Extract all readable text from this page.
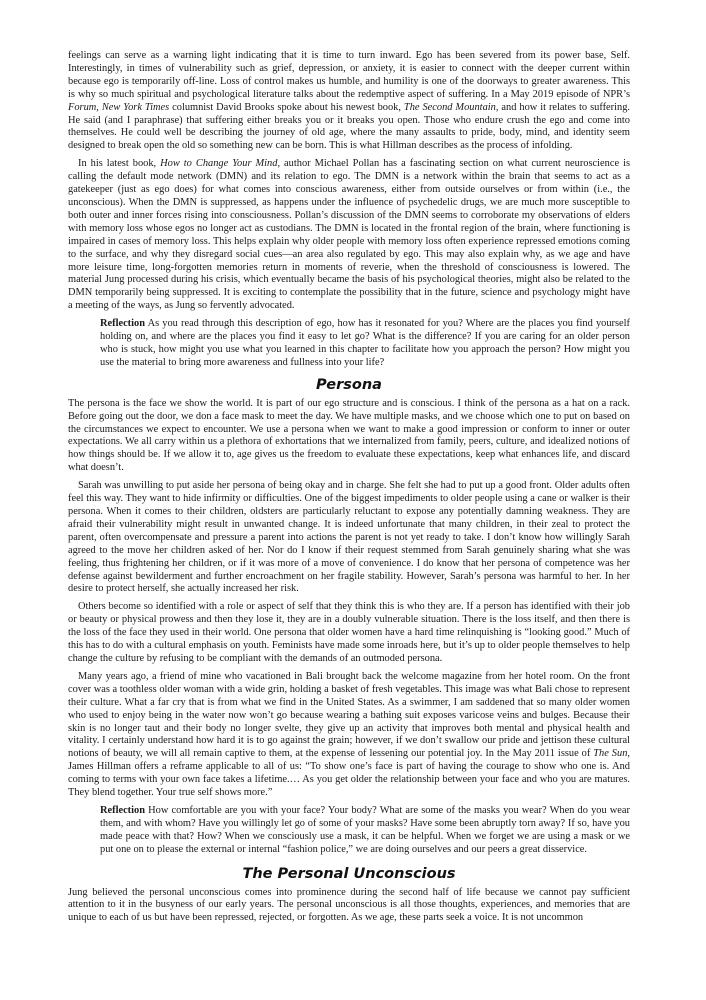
feelings can serve as a warning light indicating that it is time to turn inward. Ego has been severed from its power base, Self. Interestingly, in times of vulnerability such as grief, depression, or anxiety, it is easier to connect with the deeper current within because ego is temporarily off-line. Loss of control makes us humble, and humility is one of the doorways to greater awareness. This is why so much spiritual and psychological literature talks about the redemptive aspect of suffering. In a May 2019 episode of NPR’s Forum, New York Times columnist David Brooks spoke about his newest book, The Second Mountain, and how it relates to suffering. He said (and I paraphrase) that suffering either breaks you or it breaks you open. Those who endure crush the ego and come into themselves. He could well be describing the journey of old age, where the many assaults to pride, body, mind, and identity seem designed to break open the old so something new can be born. This is what Hillman describes as the process of infolding.

In his latest book, How to Change Your Mind, author Michael Pollan has a fascinating section on what current neuroscience is calling the default mode network (DMN) and its relation to ego. The DMN is a network within the brain that seems to act as a gatekeeper (just as ego does) for what comes into conscious awareness, either from outside ourselves or from within (i.e., the unconscious). When the DMN is suppressed, as happens under the influence of psychedelic drugs, we are much more susceptible to both outer and inner forces rising into consciousness. Pollan’s discussion of the DMN seems to corroborate my observations of elders with memory loss whose egos no longer act as custodians. The DMN is located in the frontal region of the brain, where functioning is impaired in cases of memory loss. This helps explain why older people with memory loss often experience repressed emotions coming to the surface, and why they disregard social cues—an area also regulated by ego. This may also explain why, as we age and have more leisure time, long-forgotten memories return in moments of reverie, when the threshold of consciousness is lowered. The material Jung processed during his crisis, which eventually became the basis of his psychological theories, might also be related to the DMN temporarily being suppressed. It is exciting to contemplate the possibility that in the future, science and psychology might have a meeting of the ways, as Jung so fervently advocated.

Reflection As you read through this description of ego, how has it resonated for you? Where are the places you find yourself holding on, and where are the places you find it easy to let go? What is the difference? If you are caring for an older person who is stuck, how might you use what you learned in this chapter to facilitate how you approach the person? How might you use the material to bring more awareness and fullness into your life?

Persona

The persona is the face we show the world. It is part of our ego structure and is conscious. I think of the persona as a hat on a rack. Before going out the door, we don a face mask to meet the day. We have multiple masks, and we choose which one to put on based on the circumstances we expect to encounter. We use a persona when we want to make a good impression or conform to inner or outer expectations. We all carry within us a plethora of exhortations that we internalized from family, peers, culture, and idealized notions of how things should be. If we allow it to, age gives us the freedom to evaluate these expectations, keep what enhances life, and discard what doesn’t.

Sarah was unwilling to put aside her persona of being okay and in charge. She felt she had to put up a good front. Older adults often feel this way. They want to hide infirmity or difficulties. One of the biggest impediments to older people using a cane or walker is their persona. When it comes to their children, oldsters are particularly reluctant to expose any potentially damning weakness. They are afraid their vulnerability might result in unwanted change. It is indeed unfortunate that many children, in their zeal to protect the parent, often overcompensate and pressure a parent into actions the parent is not yet ready to take. I don’t know how willingly Sarah agreed to the move her children asked of her. Nor do I know if their request stemmed from Sarah genuinely sharing what she was feeling, thus frightening her children, or if it was more of a move of convenience. I do know that her persona of competence was her defense against bewilderment and further encroachment on her fragile stability. However, Sarah’s persona was harmful to her. In her desire to protect herself, she actually increased her risk.

Others become so identified with a role or aspect of self that they think this is who they are. If a person has identified with their job or beauty or physical prowess and then they lose it, they are in a doubly vulnerable situation. There is the loss itself, and then there is the loss of the face they used in their world. One persona that older women have a hard time relinquishing is “looking good.” Much of this has to do with a cultural emphasis on youth. Feminists have made some inroads here, but it’s up to older people themselves to help change the culture by refusing to be compliant with the demands of an outmoded persona.

Many years ago, a friend of mine who vacationed in Bali brought back the welcome magazine from her hotel room. On the front cover was a toothless older woman with a wide grin, holding a basket of fresh vegetables. This image was what Bali chose to represent their culture. What a far cry that is from what we find in the United States. As a swimmer, I am saddened that so many older women who used to enjoy being in the water now won’t go because wearing a bathing suit exposes varicose veins and bulges. Because their skin is no longer taut and their body no longer svelte, they give up an activity that improves both mental and physical health and vitality. I certainly understand how hard it is to go against the grain; however, if we don’t swallow our pride and jettison these cultural notions of beauty, we will all remain captive to them, at the expense of lessening our potential joy. In the May 2011 issue of The Sun, James Hillman offers a reframe applicable to all of us: “To show one’s face is part of having the courage to show who one is. And coming to terms with your own face takes a lifetime.… As you get older the relationship between your face and who you are matures. They blend together. Your true self shows more.”

Reflection How comfortable are you with your face? Your body? What are some of the masks you wear? When do you wear them, and with whom? Have you willingly let go of some of your masks? Have some been abruptly torn away? If so, have you made peace with that? How? When we consciously use a mask, it can be helpful. When we forget we are using a mask or we put one on to please the external or internal “fashion police,” we are doing ourselves and our peers a great disservice.

The Personal Unconscious

Jung believed the personal unconscious comes into prominence during the second half of life because we cannot pay sufficient attention to it in the busyness of our early years. The personal unconscious is all those thoughts, experiences, and memories that are unique to each of us but have been repressed, rejected, or forgotten. As we age, these parts seek a voice. It is not uncommon
